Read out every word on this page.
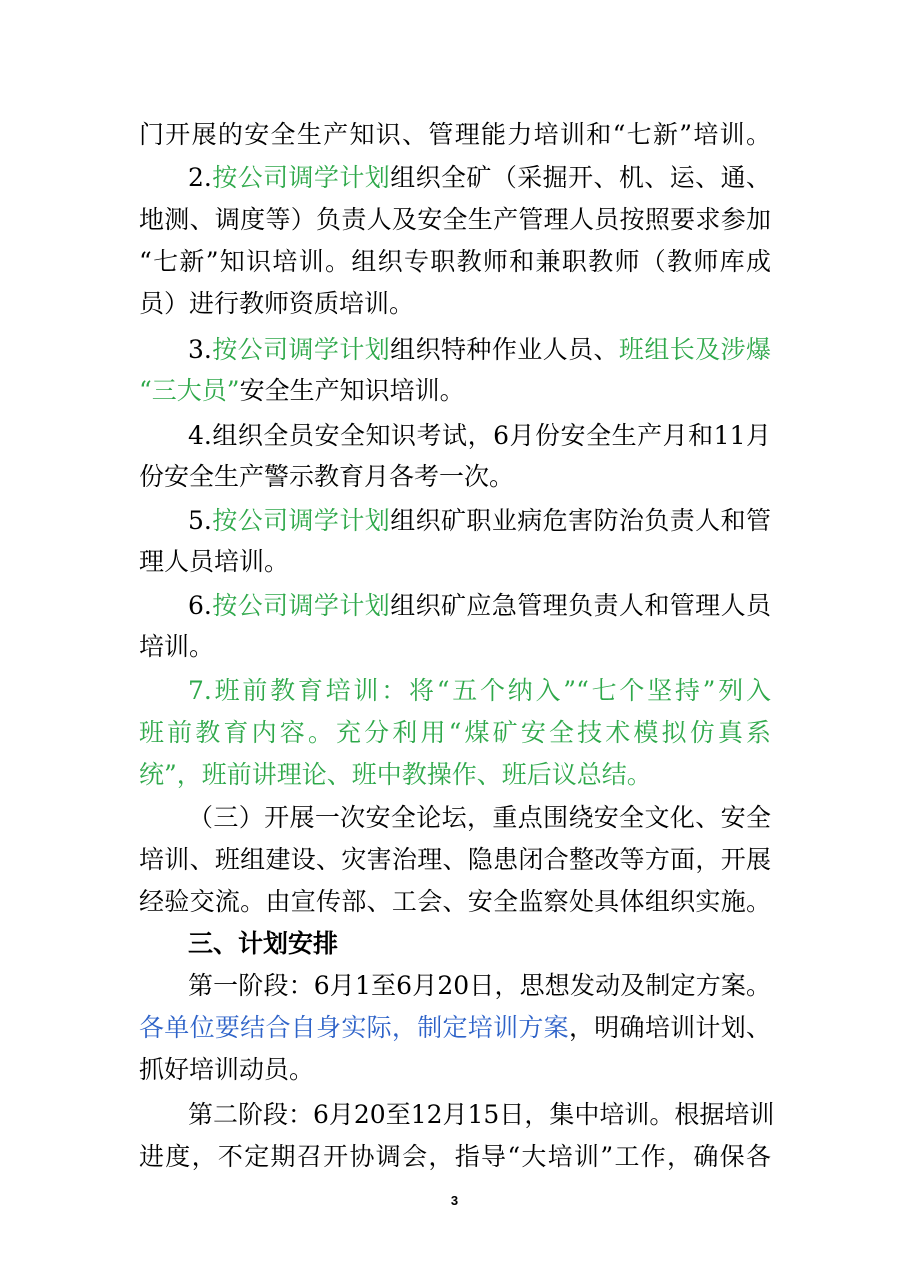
门开展的安全生产知识、管理能力培训和“七新”培训。
2.按公司调学计划组织全矿（采掘开、机、运、通、
地测、调度等）负责人及安全生产管理人员按照要求参加
“七新”知识培训。组织专职教师和兼职教师（教师库成
员）进行教师资质培训。
3.按公司调学计划组织特种作业人员、班组长及涉爆
“三大员”安全生产知识培训。
4.组织全员安全知识考试，6月份安全生产月和11月
份安全生产警示教育月各考一次。
5.按公司调学计划组织矿职业病危害防治负责人和管
理人员培训。
6.按公司调学计划组织矿应急管理负责人和管理人员
培训。
7.班前教育培训：将“五个纳入”“七个坚持”列入
班前教育内容。充分利用“煤矿安全技术模拟仿真系
统”，班前讲理论、班中教操作、班后议总结。
（三）开展一次安全论坛，重点围绕安全文化、安全
培训、班组建设、灾害治理、隐患闭合整改等方面，开展
经验交流。由宣传部、工会、安全监察处具体组织实施。
三、计划安排
第一阶段：6月1至6月20日，思想发动及制定方案。
各单位要结合自身实际，制定培训方案，明确培训计划、
抓好培训动员。
第二阶段：6月20至12月15日，集中培训。根据培训
进度，不定期召开协调会，指导“大培训”工作，确保各
3
